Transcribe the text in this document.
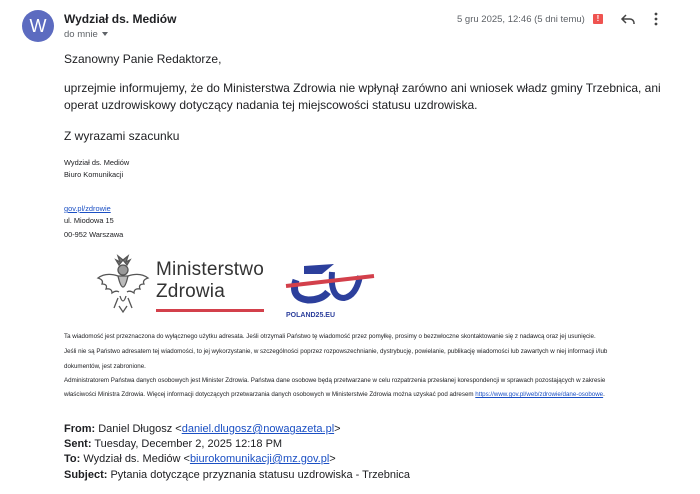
W	Wydział ds. Mediów
do mnie
5 gru 2025, 12:46 (5 dni temu)	!
Szanowny Panie Redaktorze,
uprzejmie informujemy, że do Ministerstwa Zdrowia nie wpłynął zarówno ani wniosek władz gminy Trzebnica, ani operat uzdrowiskowy dotyczący nadania tej miejscowości statusu uzdrowiska.
Z wyrazami szacunku
Wydział ds. Mediów
Biuro Komunikacji
gov.pl/zdrowie
ul. Miodowa 15
00-952 Warszawa
Ministerstwo
Zdrowia
POLAND25.EU
Ta wiadomość jest przeznaczona do wyłącznego użytku adresata. Jeśli otrzymali Państwo tę wiadomość przez pomyłkę, prosimy o bezzwłoczne skontaktowanie się z nadawcą oraz jej usunięcie.
Jeśli nie są Państwo adresatem tej wiadomości, to jej wykorzystanie, w szczególności poprzez rozpowszechnianie, dystrybucję, powielanie, publikację wiadomości lub zawartych w niej informacji i/lub
dokumentów, jest zabronione.
Administratorem Państwa danych osobowych jest Minister Zdrowia. Państwa dane osobowe będą przetwarzane w celu rozpatrzenia przesłanej korespondencji w sprawach pozostających w zakresie
właściwości Ministra Zdrowia. Więcej informacji dotyczących przetwarzania danych osobowych w Ministerstwie Zdrowia można uzyskać pod adresem https://www.gov.pl/web/zdrowie/dane-osobowe.
From: Daniel Długosz <daniel.dlugosz@nowagazeta.pl>
Sent: Tuesday, December 2, 2025 12:18 PM
To: Wydział ds. Mediów <biurokomunikacji@mz.gov.pl>
Subject: Pytania dotyczące przyznania statusu uzdrowiska - Trzebnica
